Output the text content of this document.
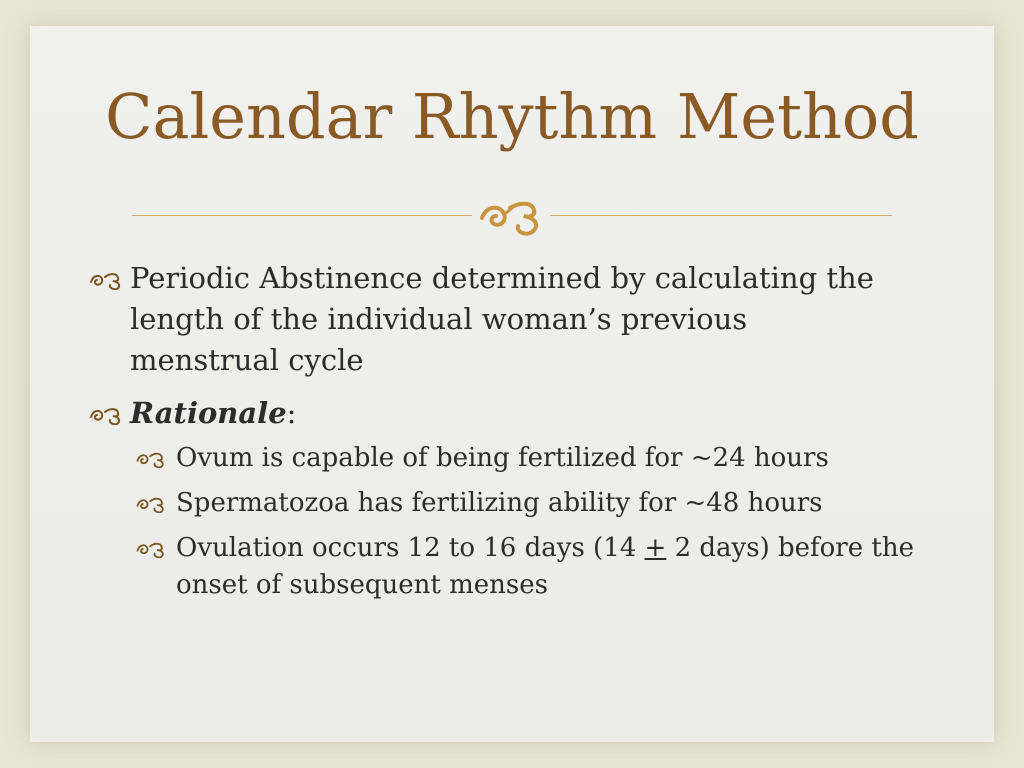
Calendar Rhythm Method
Periodic Abstinence determined by calculating the
length of the individual woman’s previous
menstrual cycle
Rationale:
Ovum is capable of being fertilized for ~24 hours
Spermatozoa has fertilizing ability for ~48 hours
Ovulation occurs 12 to 16 days (14 + 2 days) before the
onset of subsequent menses
